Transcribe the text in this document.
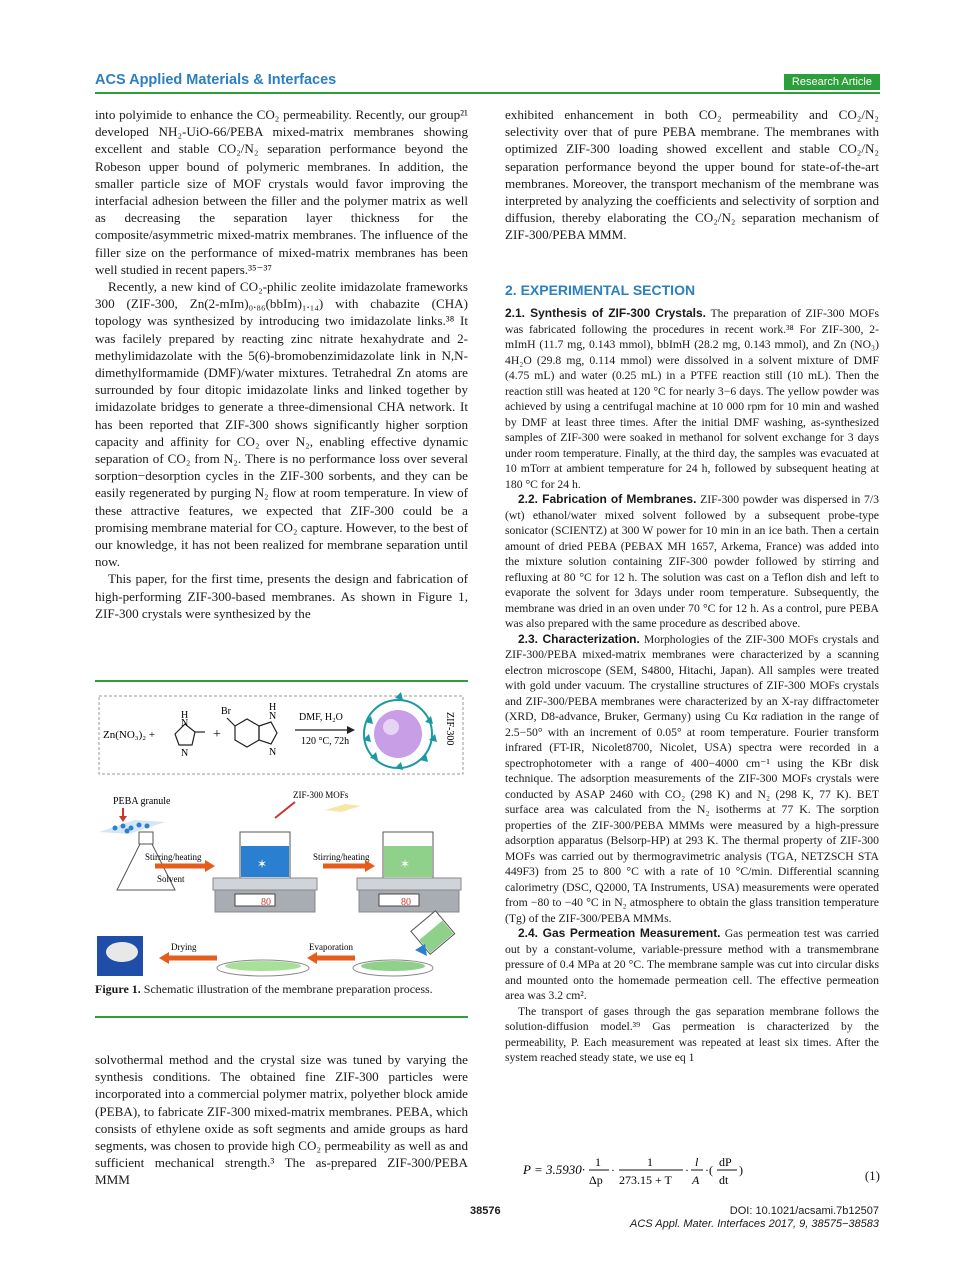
ACS Applied Materials & Interfaces	Research Article

into polyimide to enhance the CO₂ permeability. Recently, our group²¹ developed NH₂-UiO-66/PEBA mixed-matrix membranes showing excellent and stable CO₂/N₂ separation performance beyond the Robeson upper bound of polymeric membranes. In addition, the smaller particle size of MOF crystals would favor improving the interfacial adhesion between the filler and the polymer matrix as well as decreasing the separation layer thickness for the composite/asymmetric mixed-matrix membranes. The influence of the filler size on the performance of mixed-matrix membranes has been well studied in recent papers.³⁵⁻³⁷

Recently, a new kind of CO₂-philic zeolite imidazolate frameworks 300 (ZIF-300, Zn(2-mIm)₀.₈₆(bbIm)₁.₁₄) with chabazite (CHA) topology was synthesized by introducing two imidazolate links.³⁸ It was facilely prepared by reacting zinc nitrate hexahydrate and 2-methylimidazolate with the 5(6)-bromobenzimidazolate link in N,N-dimethylformamide (DMF)/water mixtures. Tetrahedral Zn atoms are surrounded by four ditopic imidazolate links and linked together by imidazolate bridges to generate a three-dimensional CHA network. It has been reported that ZIF-300 shows significantly higher sorption capacity and affinity for CO₂ over N₂, enabling effective dynamic separation of CO₂ from N₂. There is no performance loss over several sorption−desorption cycles in the ZIF-300 sorbents, and they can be easily regenerated by purging N₂ flow at room temperature. In view of these attractive features, we expected that ZIF-300 could be a promising membrane material for CO₂ capture. However, to the best of our knowledge, it has not been realized for membrane separation until now.

This paper, for the first time, presents the design and fabrication of high-performing ZIF-300-based membranes. As shown in Figure 1, ZIF-300 crystals were synthesized by the

Zn(NO₃)₂ +
H
N
N
+
Br	H
N
N
DMF, H₂O
120 °C, 72h	ZIF-300
PEBA granule
Stirring/heating
Solvent
ZIF-300 MOFs
✶
80
Stirring/heating	✶
80
Drying	Evaporation
Figure 1. Schematic illustration of the membrane preparation process.

solvothermal method and the crystal size was tuned by varying the synthesis conditions. The obtained fine ZIF-300 particles were incorporated into a commercial polymer matrix, polyether block amide (PEBA), to fabricate ZIF-300 mixed-matrix membranes. PEBA, which consists of ethylene oxide as soft segments and amide groups as hard segments, was chosen to provide high CO₂ permeability as well as and sufficient mechanical strength.³ The as-prepared ZIF-300/PEBA MMM

exhibited enhancement in both CO₂ permeability and CO₂/N₂ selectivity over that of pure PEBA membrane. The membranes with optimized ZIF-300 loading showed excellent and stable CO₂/N₂ separation performance beyond the upper bound for state-of-the-art membranes. Moreover, the transport mechanism of the membrane was interpreted by analyzing the coefficients and selectivity of sorption and diffusion, thereby elaborating the CO₂/N₂ separation mechanism of ZIF-300/PEBA MMM.

2. EXPERIMENTAL SECTION

2.1. Synthesis of ZIF-300 Crystals. The preparation of ZIF-300 MOFs was fabricated following the procedures in recent work.³⁸ For ZIF-300, 2-mImH (11.7 mg, 0.143 mmol), bbImH (28.2 mg, 0.143 mmol), and Zn (NO₃) 4H₂O (29.8 mg, 0.114 mmol) were dissolved in a solvent mixture of DMF (4.75 mL) and water (0.25 mL) in a PTFE reaction still (10 mL). Then the reaction still was heated at 120 °C for nearly 3−6 days. The yellow powder was achieved by using a centrifugal machine at 10 000 rpm for 10 min and washed by DMF at least three times. After the initial DMF washing, as-synthesized samples of ZIF-300 were soaked in methanol for solvent exchange for 3 days under room temperature. Finally, at the third day, the samples was evacuated at 10 mTorr at ambient temperature for 24 h, followed by subsequent heating at 180 °C for 24 h.

2.2. Fabrication of Membranes. ZIF-300 powder was dispersed in 7/3 (wt) ethanol/water mixed solvent followed by a subsequent probe-type sonicator (SCIENTZ) at 300 W power for 10 min in an ice bath. Then a certain amount of dried PEBA (PEBAX MH 1657, Arkema, France) was added into the mixture solution containing ZIF-300 powder followed by stirring and refluxing at 80 °C for 12 h. The solution was cast on a Teflon dish and left to evaporate the solvent for 3days under room temperature. Subsequently, the membrane was dried in an oven under 70 °C for 12 h. As a control, pure PEBA was also prepared with the same procedure as described above.

2.3. Characterization. Morphologies of the ZIF-300 MOFs crystals and ZIF-300/PEBA mixed-matrix membranes were characterized by a scanning electron microscope (SEM, S4800, Hitachi, Japan). All samples were treated with gold under vacuum. The crystalline structures of ZIF-300 MOFs crystals and ZIF-300/PEBA membranes were characterized by an X-ray diffractometer (XRD, D8-advance, Bruker, Germany) using Cu Kα radiation in the range of 2.5−50° with an increment of 0.05° at room temperature. Fourier transform infrared (FT-IR, Nicolet8700, Nicolet, USA) spectra were recorded in a spectrophotometer with a range of 400−4000 cm⁻¹ using the KBr disk technique. The adsorption measurements of the ZIF-300 MOFs crystals were conducted by ASAP 2460 with CO₂ (298 K) and N₂ (298 K, 77 K). BET surface area was calculated from the N₂ isotherms at 77 K. The sorption properties of the ZIF-300/PEBA MMMs were measured by a high-pressure adsorption apparatus (Belsorp-HP) at 293 K. The thermal property of ZIF-300 MOFs was carried out by thermogravimetric analysis (TGA, NETZSCH STA 449F3) from 25 to 800 °C with a rate of 10 °C/min. Differential scanning calorimetry (DSC, Q2000, TA Instruments, USA) measurements were operated from −80 to −40 °C in N₂ atmosphere to obtain the glass transition temperature (Tg) of the ZIF-300/PEBA MMMs.

2.4. Gas Permeation Measurement. Gas permeation test was carried out by a constant-volume, variable-pressure method with a transmembrane pressure of 0.4 MPa at 20 °C. The membrane sample was cut into circular disks and mounted onto the homemade permeation cell. The effective permeation area was 3.2 cm².

The transport of gases through the gas separation membrane follows the solution-diffusion model.³⁹ Gas permeation is characterized by the permeability, P. Each measurement was repeated at least six times. After the system reached steady state, we use eq 1

P = 3.5930· 1
Δp
·
1
273.15 + T
·
l
A
·(
dP
dt
)	(1)
38576	DOI: 10.1021/acsami.7b12507
ACS Appl. Mater. Interfaces 2017, 9, 38575−38583
